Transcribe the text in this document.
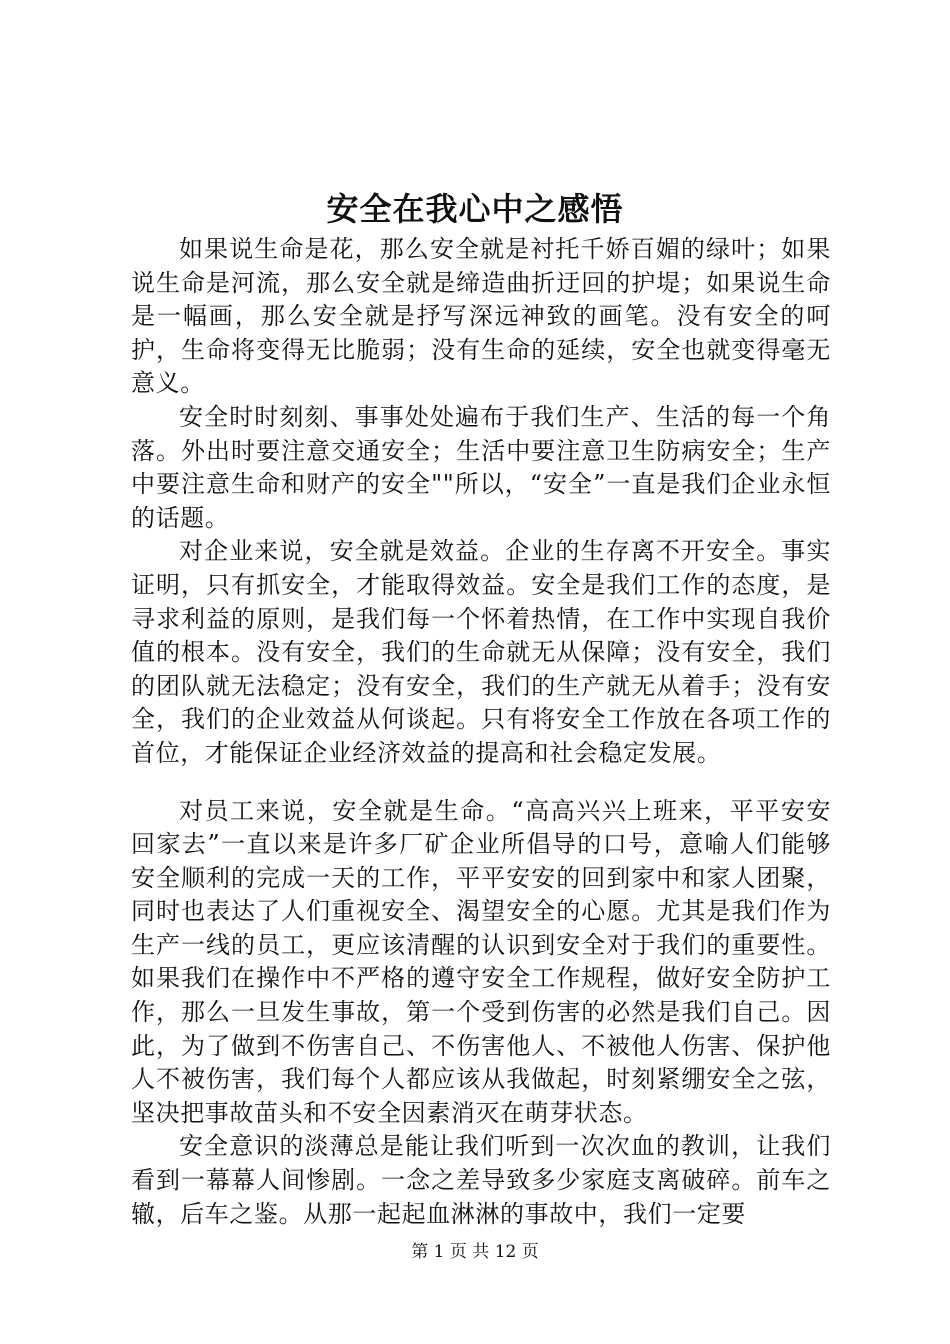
安全在我心中之感悟

如果说生命是花，那么安全就是衬托千娇百媚的绿叶；如果说生命是河流，那么安全就是缔造曲折迂回的护堤；如果说生命是一幅画，那么安全就是抒写深远神致的画笔。没有安全的呵护，生命将变得无比脆弱；没有生命的延续，安全也就变得毫无意义。

安全时时刻刻、事事处处遍布于我们生产、生活的每一个角落。外出时要注意交通安全；生活中要注意卫生防病安全；生产中要注意生命和财产的安全""所以，“安全”一直是我们企业永恒的话题。

对企业来说，安全就是效益。企业的生存离不开安全。事实证明，只有抓安全，才能取得效益。安全是我们工作的态度，是寻求利益的原则，是我们每一个怀着热情，在工作中实现自我价值的根本。没有安全，我们的生命就无从保障；没有安全，我们的团队就无法稳定；没有安全，我们的生产就无从着手；没有安全，我们的企业效益从何谈起。只有将安全工作放在各项工作的首位，才能保证企业经济效益的提高和社会稳定发展。

对员工来说，安全就是生命。“高高兴兴上班来，平平安安回家去”一直以来是许多厂矿企业所倡导的口号，意喻人们能够安全顺利的完成一天的工作，平平安安的回到家中和家人团聚，同时也表达了人们重视安全、渴望安全的心愿。尤其是我们作为生产一线的员工，更应该清醒的认识到安全对于我们的重要性。如果我们在操作中不严格的遵守安全工作规程，做好安全防护工作，那么一旦发生事故，第一个受到伤害的必然是我们自己。因此，为了做到不伤害自己、不伤害他人、不被他人伤害、保护他人不被伤害，我们每个人都应该从我做起，时刻紧绷安全之弦，坚决把事故苗头和不安全因素消灭在萌芽状态。

安全意识的淡薄总是能让我们听到一次次血的教训，让我们看到一幕幕人间惨剧。一念之差导致多少家庭支离破碎。前车之辙，后车之鉴。从那一起起血淋淋的事故中，我们一定要

第 1 页 共 12 页
